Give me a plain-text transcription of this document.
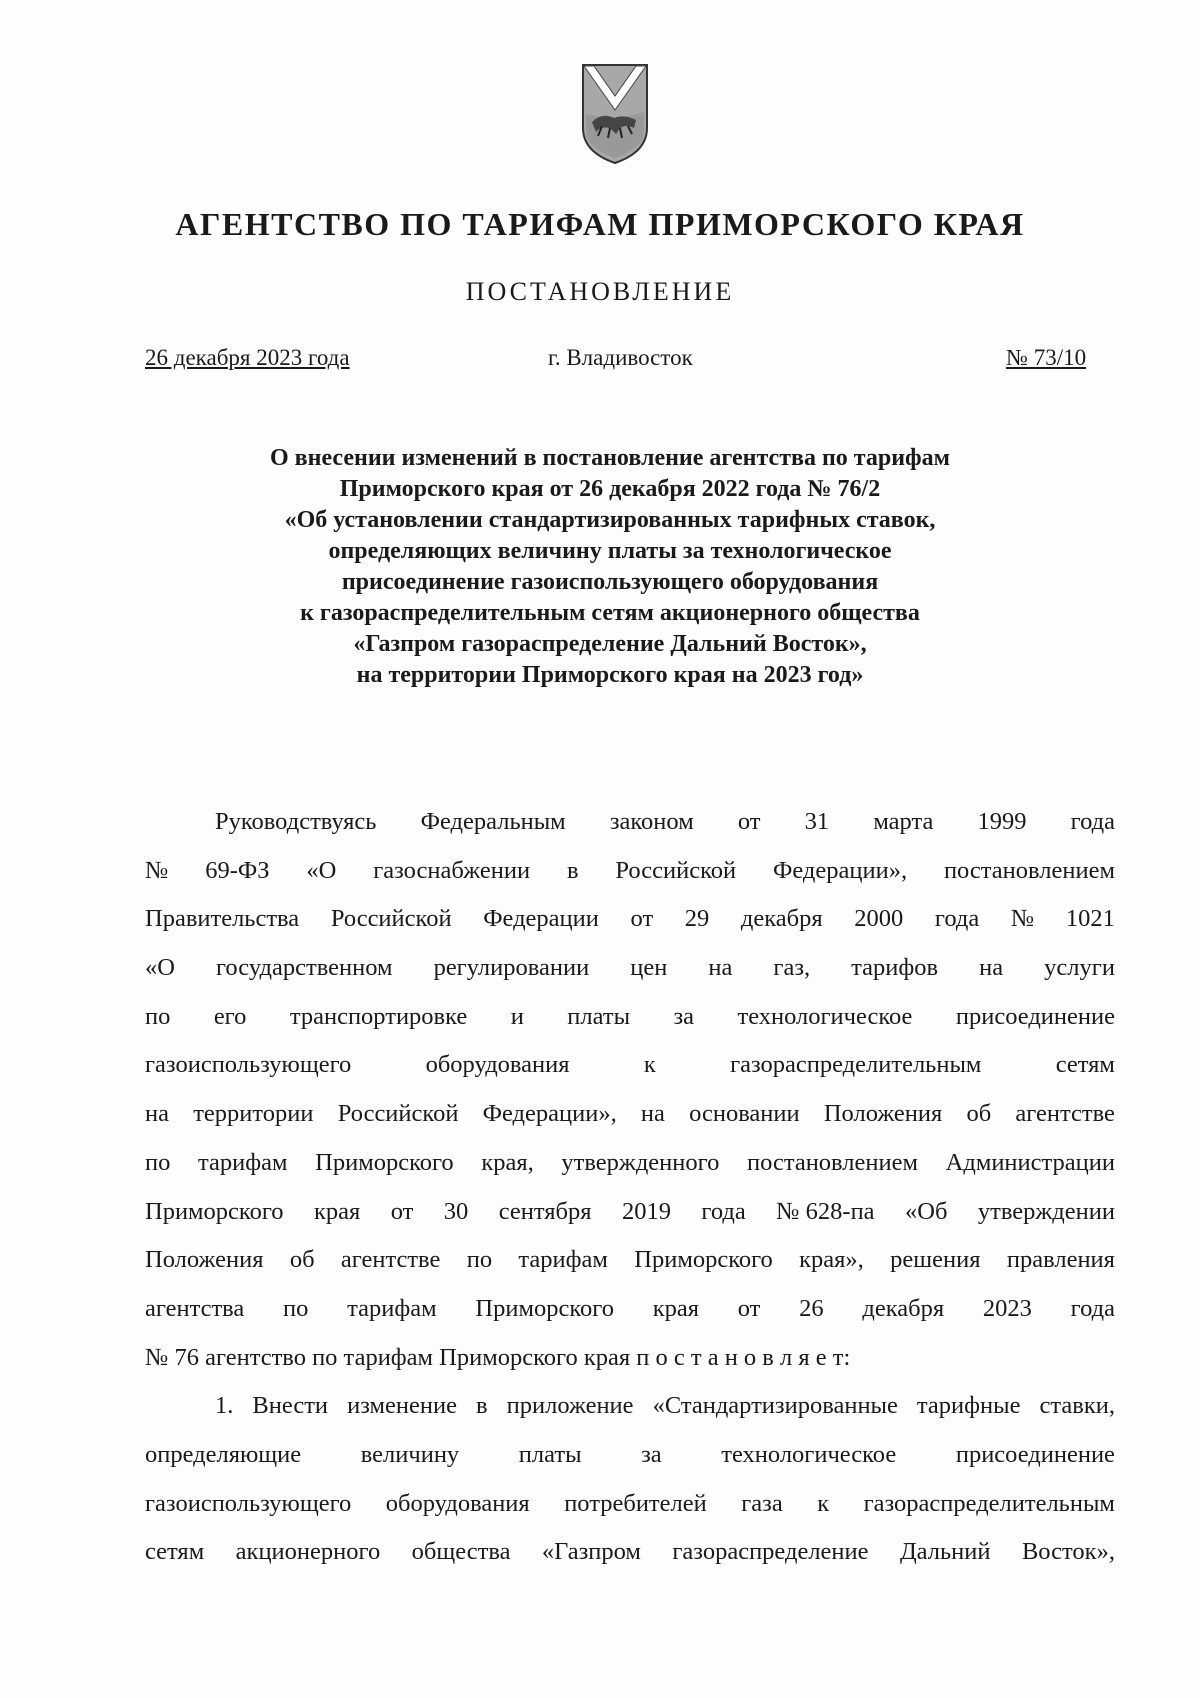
АГЕНТСТВО ПО ТАРИФАМ ПРИМОРСКОГО КРАЯ
ПОСТАНОВЛЕНИЕ
26 декабря 2023 года	г. Владивосток	№ 73/10
О внесении изменений в постановление агентства по тарифам
Приморского края от 26 декабря 2022 года № 76/2
«Об установлении стандартизированных тарифных ставок,
определяющих величину платы за технологическое
присоединение газоиспользующего оборудования
к газораспределительным сетям акционерного общества
«Газпром газораспределение Дальний Восток»,
на территории Приморского края на 2023 год»
Руководствуясь Федеральным законом от 31 марта 1999 года
№ 69-ФЗ «О газоснабжении в Российской Федерации», постановлением
Правительства Российской Федерации от 29 декабря 2000 года № 1021
«О государственном регулировании цен на газ, тарифов на услуги
по его транспортировке и платы за технологическое присоединение
газоиспользующего	оборудования	к	газораспределительным	сетям
на территории Российской Федерации», на основании Положения об агентстве
по тарифам Приморского края, утвержденного постановлением Администрации
Приморского края от 30 сентября 2019 года № 628-па «Об утверждении
Положения об агентстве по тарифам Приморского края», решения правления
агентства по тарифам Приморского края от 26 декабря 2023 года
№ 76 агентство по тарифам Приморского края п о с т а н о в л я е т:
1. Внести изменение в приложение «Стандартизированные тарифные ставки,
определяющие величину платы за технологическое присоединение
газоиспользующего оборудования потребителей газа к газораспределительным
сетям акционерного общества «Газпром газораспределение Дальний Восток»,
